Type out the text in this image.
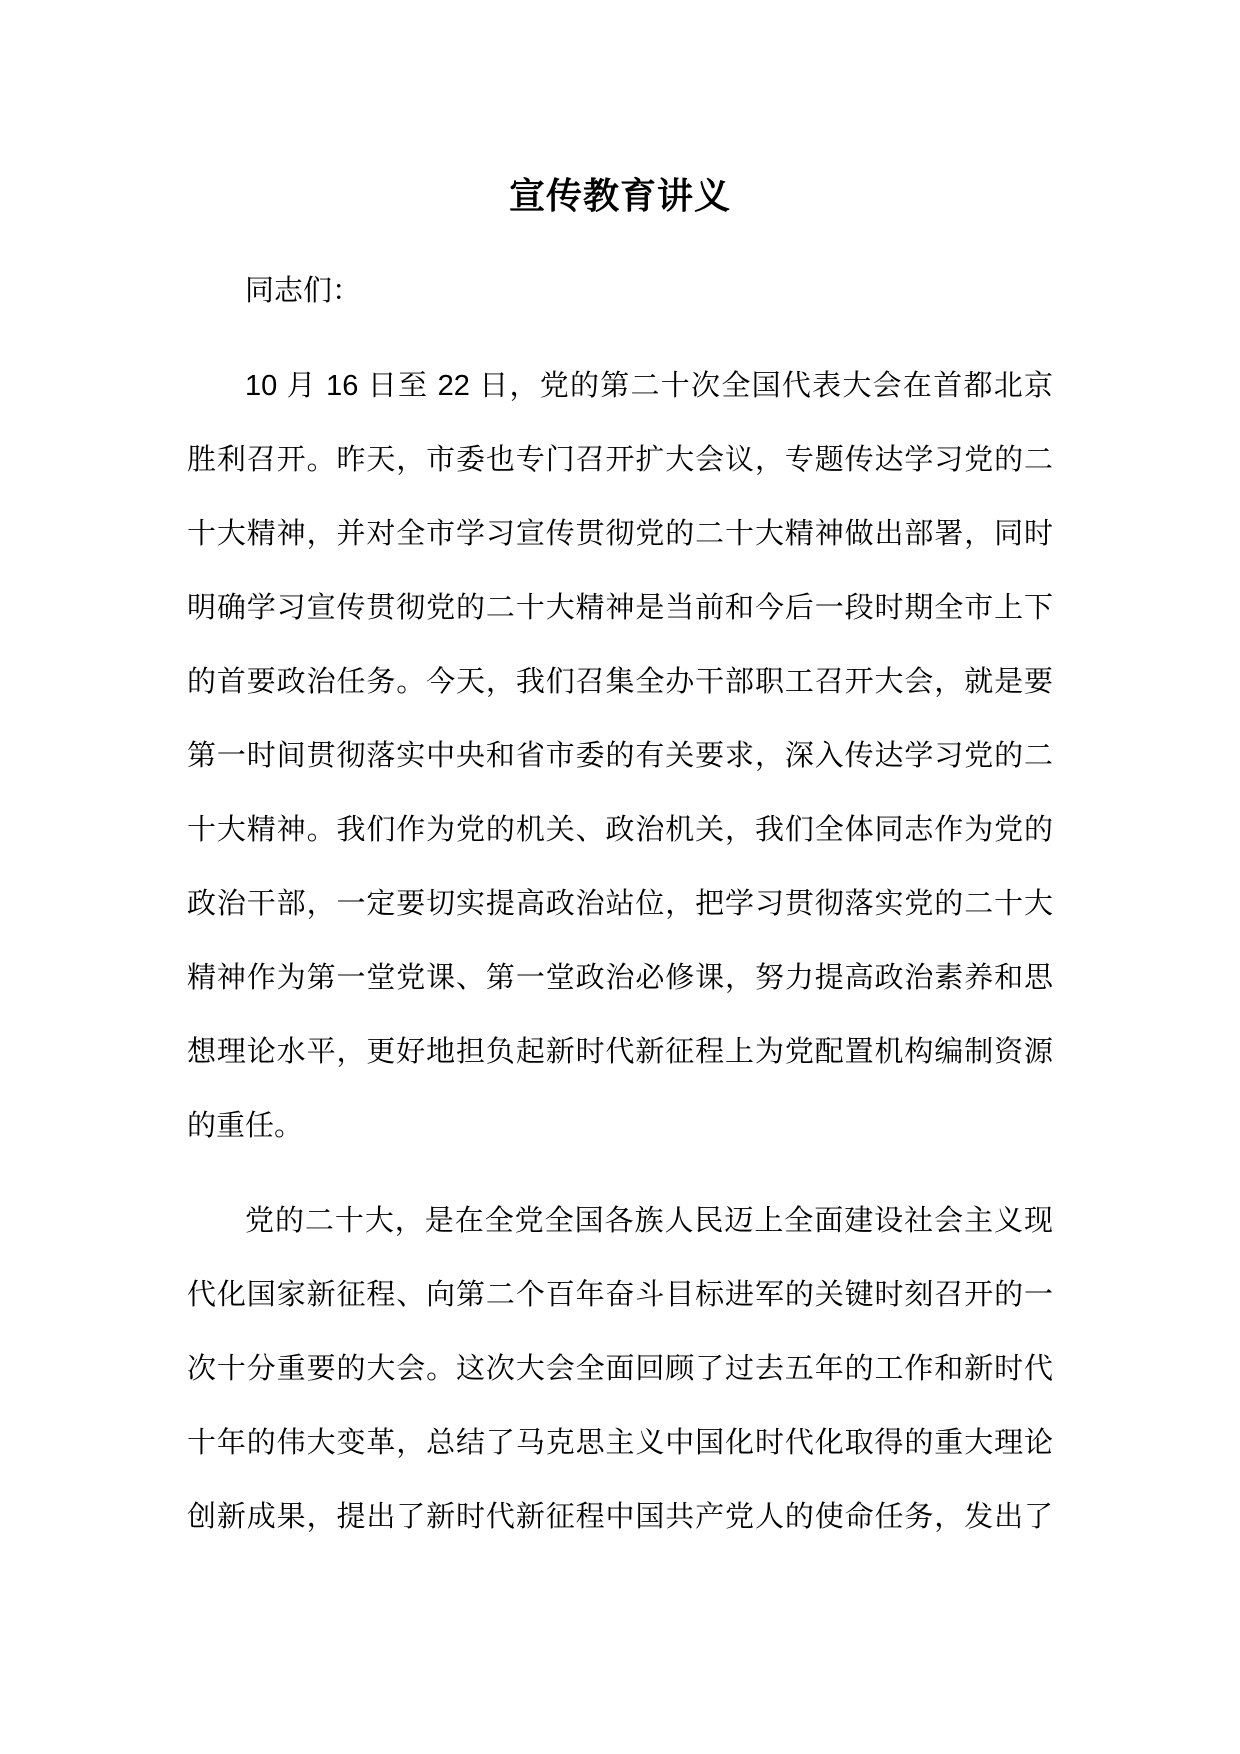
宣传教育讲义
同志们：
10 月 16 日至 22 日，党的第二十次全国代表大会在首都北京
胜利召开。昨天，市委也专门召开扩大会议，专题传达学习党的二
十大精神，并对全市学习宣传贯彻党的二十大精神做出部署，同时
明确学习宣传贯彻党的二十大精神是当前和今后一段时期全市上下
的首要政治任务。今天，我们召集全办干部职工召开大会，就是要
第一时间贯彻落实中央和省市委的有关要求，深入传达学习党的二
十大精神。我们作为党的机关、政治机关，我们全体同志作为党的
政治干部，一定要切实提高政治站位，把学习贯彻落实党的二十大
精神作为第一堂党课、第一堂政治必修课，努力提高政治素养和思
想理论水平，更好地担负起新时代新征程上为党配置机构编制资源
的重任。
党的二十大，是在全党全国各族人民迈上全面建设社会主义现
代化国家新征程、向第二个百年奋斗目标进军的关键时刻召开的一
次十分重要的大会。这次大会全面回顾了过去五年的工作和新时代
十年的伟大变革，总结了马克思主义中国化时代化取得的重大理论
创新成果，提出了新时代新征程中国共产党人的使命任务，发出了
